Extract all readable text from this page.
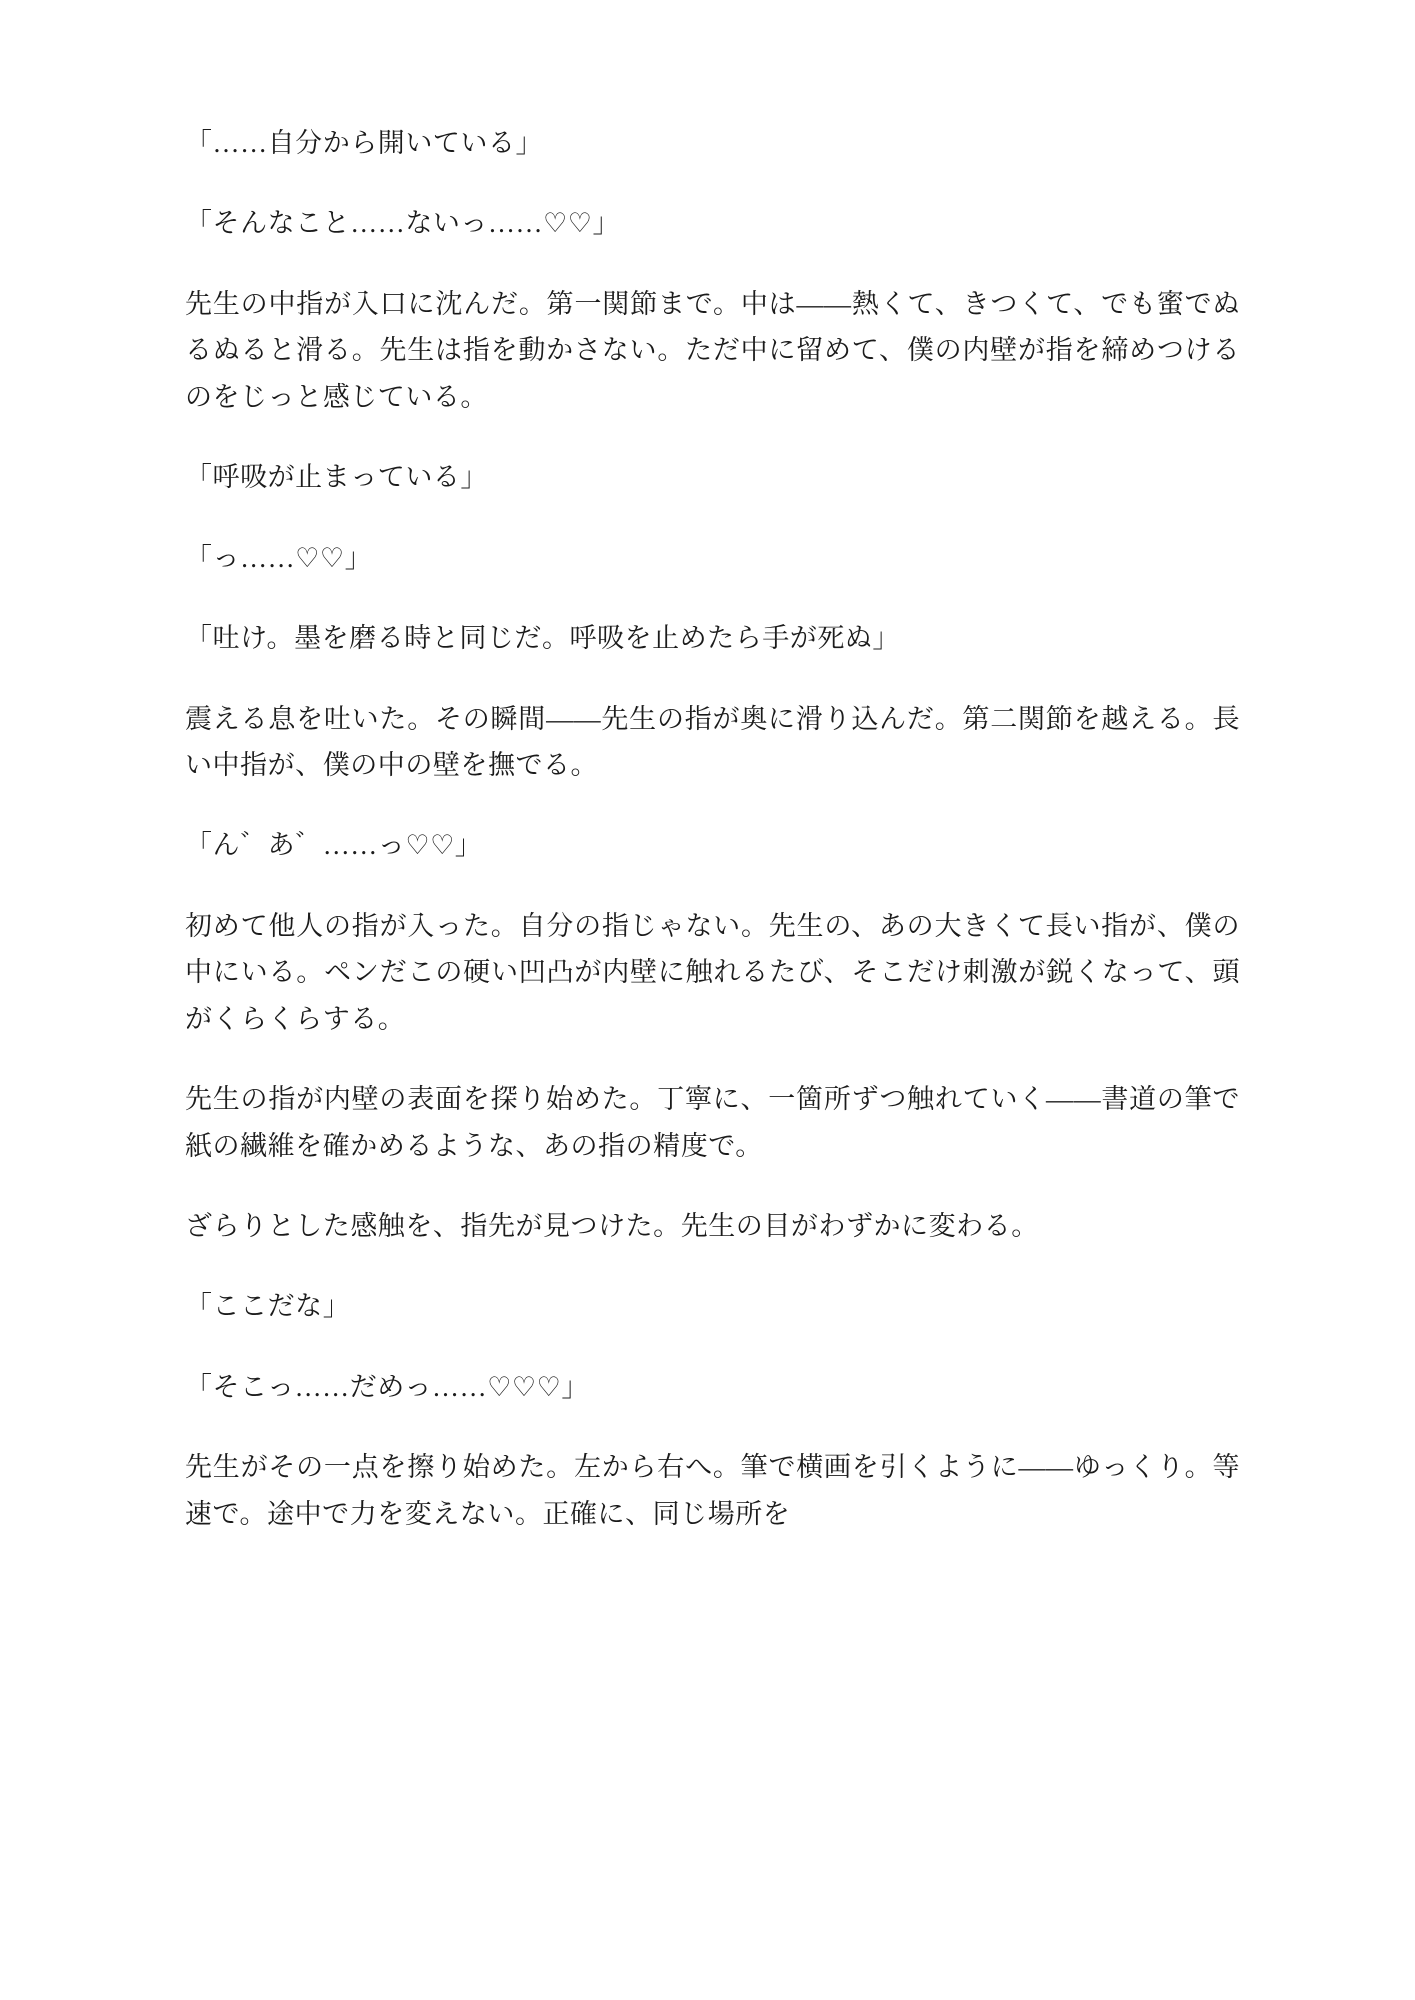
「……自分から開いている」

「そんなこと……ないっ……♡♡」

先生の中指が入口に沈んだ。第一関節まで。中は――熱くて、きつくて、でも蜜でぬるぬると滑る。先生は指を動かさない。ただ中に留めて、僕の内壁が指を締めつけるのをじっと感じている。

「呼吸が止まっている」

「っ……♡♡」

「吐け。墨を磨る時と同じだ。呼吸を止めたら手が死ぬ」

震える息を吐いた。その瞬間――先生の指が奥に滑り込んだ。第二関節を越える。長い中指が、僕の中の壁を撫でる。

「ん゛あ゛……っ♡♡」

初めて他人の指が入った。自分の指じゃない。先生の、あの大きくて長い指が、僕の中にいる。ペンだこの硬い凹凸が内壁に触れるたび、そこだけ刺激が鋭くなって、頭がくらくらする。

先生の指が内壁の表面を探り始めた。丁寧に、一箇所ずつ触れていく――書道の筆で紙の繊維を確かめるような、あの指の精度で。

ざらりとした感触を、指先が見つけた。先生の目がわずかに変わる。

「ここだな」

「そこっ……だめっ……♡♡♡」

先生がその一点を擦り始めた。左から右へ。筆で横画を引くように――ゆっくり。等速で。途中で力を変えない。正確に、同じ場所を
